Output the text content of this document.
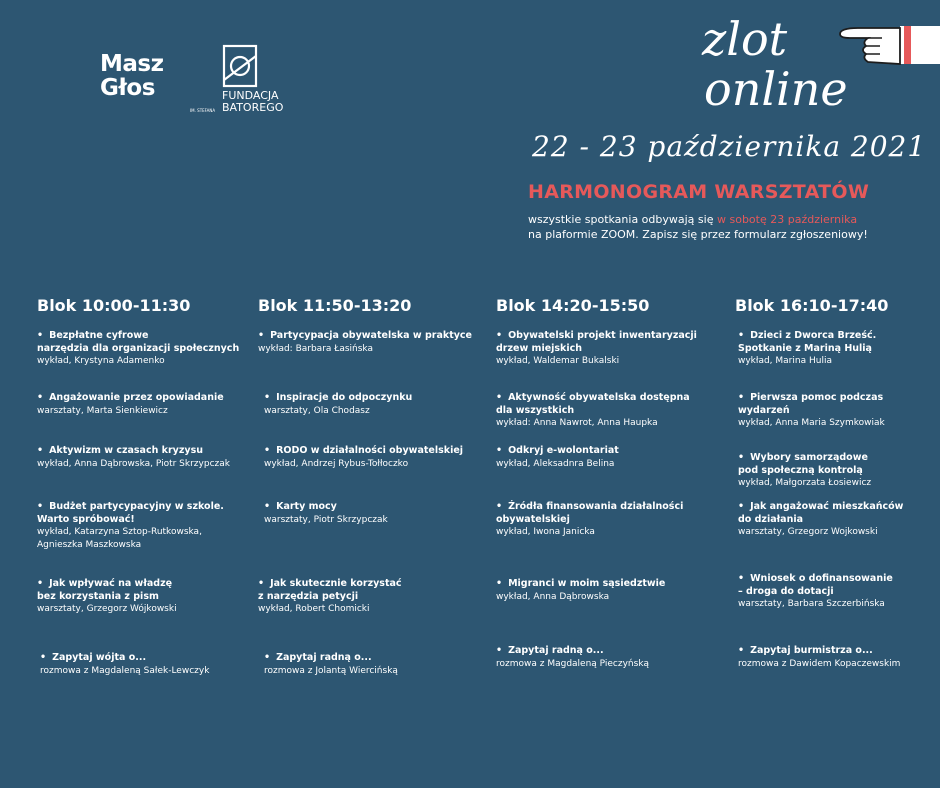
Masz
Głos	FUNDACJA
BATOREGO
IM. STEFANA
zlot
online
22 - 23 października 2021
HARMONOGRAM WARSZTATÓW
wszystkie spotkania odbywają się w sobotę 23 października
na plaformie ZOOM. Zapisz się przez formularz zgłoszeniowy!
Blok 10:00-11:30
• Bezpłatne cyfrowe
narzędzia dla organizacji społecznych
wykład, Krystyna Adamenko
• Angażowanie przez opowiadanie
warsztaty, Marta Sienkiewicz
• Aktywizm w czasach kryzysu
wykład, Anna Dąbrowska, Piotr Skrzypczak
• Budżet partycypacyjny w szkole.
Warto spróbować!
wykład, Katarzyna Sztop-Rutkowska,
Agnieszka Maszkowska
• Jak wpływać na władzę
bez korzystania z pism
warsztaty, Grzegorz Wójkowski
• Zapytaj wójta o...
rozmowa z Magdaleną Sałek-Lewczyk
Blok 11:50-13:20
• Partycypacja obywatelska w praktyce
wykład: Barbara Łasińska
• Inspiracje do odpoczynku
warsztaty, Ola Chodasz
• RODO w działalności obywatelskiej
wykład, Andrzej Rybus-Tołłoczko
• Karty mocy
warsztaty, Piotr Skrzypczak
• Jak skutecznie korzystać
z narzędzia petycji
wykład, Robert Chomicki
• Zapytaj radną o...
rozmowa z Jolantą Wiercińską
Blok 14:20-15:50
• Obywatelski projekt inwentaryzacji
drzew miejskich
wykład, Waldemar Bukalski
• Aktywność obywatelska dostępna
dla wszystkich
wykład: Anna Nawrot, Anna Haupka
• Odkryj e-wolontariat
wykład, Aleksadnra Belina
• Źródła finansowania działalności
obywatelskiej
wykład, Iwona Janicka
• Migranci w moim sąsiedztwie
wykład, Anna Dąbrowska
• Zapytaj radną o...
rozmowa z Magdaleną Pieczyńską
Blok 16:10-17:40
• Dzieci z Dworca Brześć.
Spotkanie z Mariną Hulią
wykład, Marina Hulia
• Pierwsza pomoc podczas
wydarzeń
wykład, Anna Maria Szymkowiak
• Wybory samorządowe
pod społeczną kontrolą
wykład, Małgorzata Łosiewicz
• Jak angażować mieszkańców
do działania
warsztaty, Grzegorz Wojkowski
• Wniosek o dofinansowanie
– droga do dotacji
warsztaty, Barbara Szczerbińska
• Zapytaj burmistrza o...
rozmowa z Dawidem Kopaczewskim
